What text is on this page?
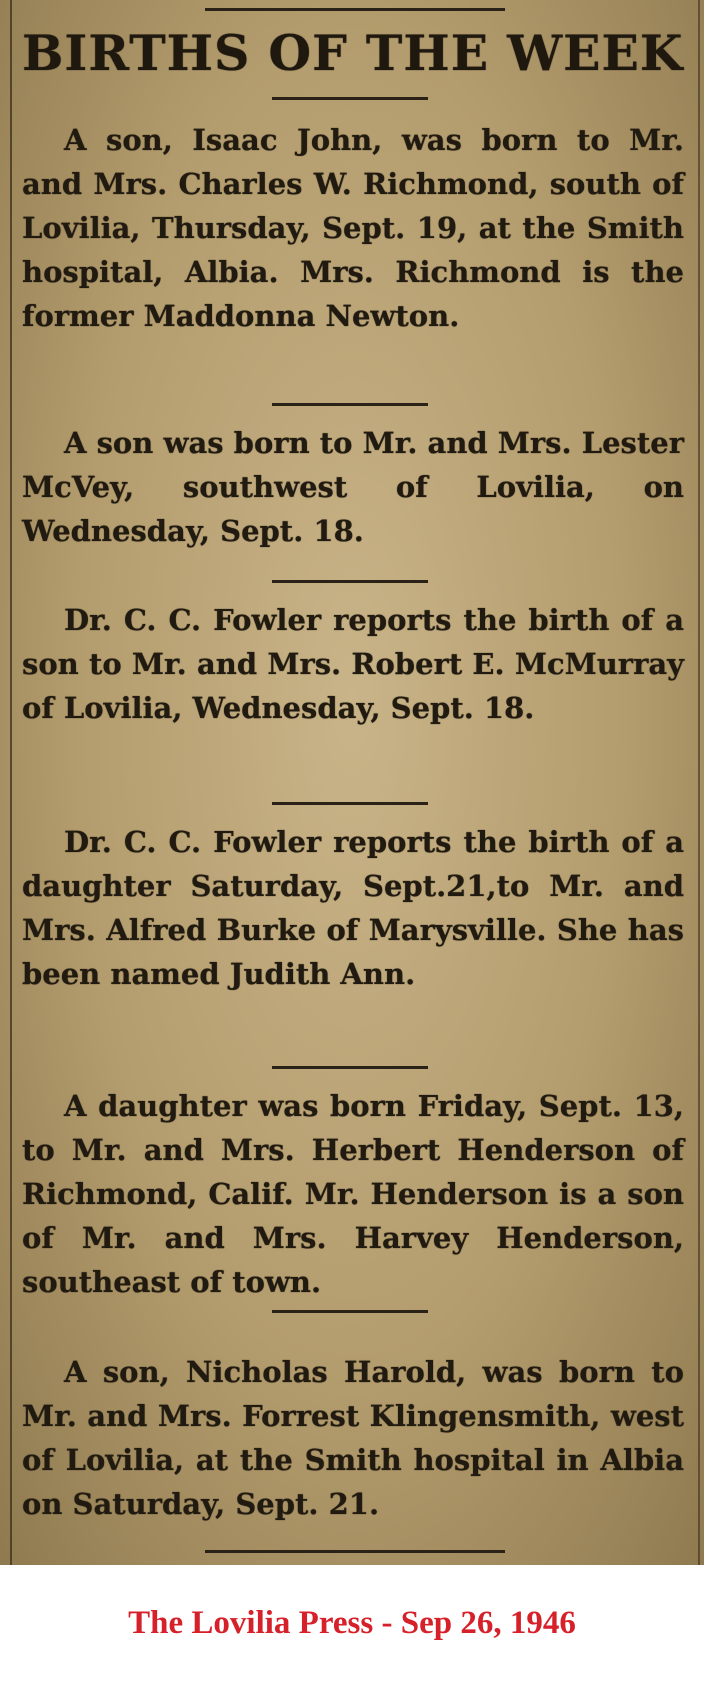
BIRTHS OF THE WEEK

A son, Isaac John, was born to Mr. and Mrs. Charles W. Richmond, south of Lovilia, Thursday, Sept. 19, at the Smith hospital, Albia. Mrs. Richmond is the former Maddonna Newton.

A son was born to Mr. and Mrs. Lester McVey, southwest of Lovilia, on Wednesday, Sept. 18.

Dr. C. C. Fowler reports the birth of a son to Mr. and Mrs. Robert E. McMurray of Lovilia, Wednesday, Sept. 18.

Dr. C. C. Fowler reports the birth of a daughter Saturday, Sept.21,to Mr. and Mrs. Alfred Burke of Marysville. She has been named Judith Ann.

A daughter was born Friday, Sept. 13, to Mr. and Mrs. Herbert Henderson of Richmond, Calif. Mr. Henderson is a son of Mr. and Mrs. Harvey Henderson, southeast of town.

A son, Nicholas Harold, was born to Mr. and Mrs. Forrest Klingensmith, west of Lovilia, at the Smith hospital in Albia on Saturday, Sept. 21.

The Lovilia Press - Sep 26, 1946
